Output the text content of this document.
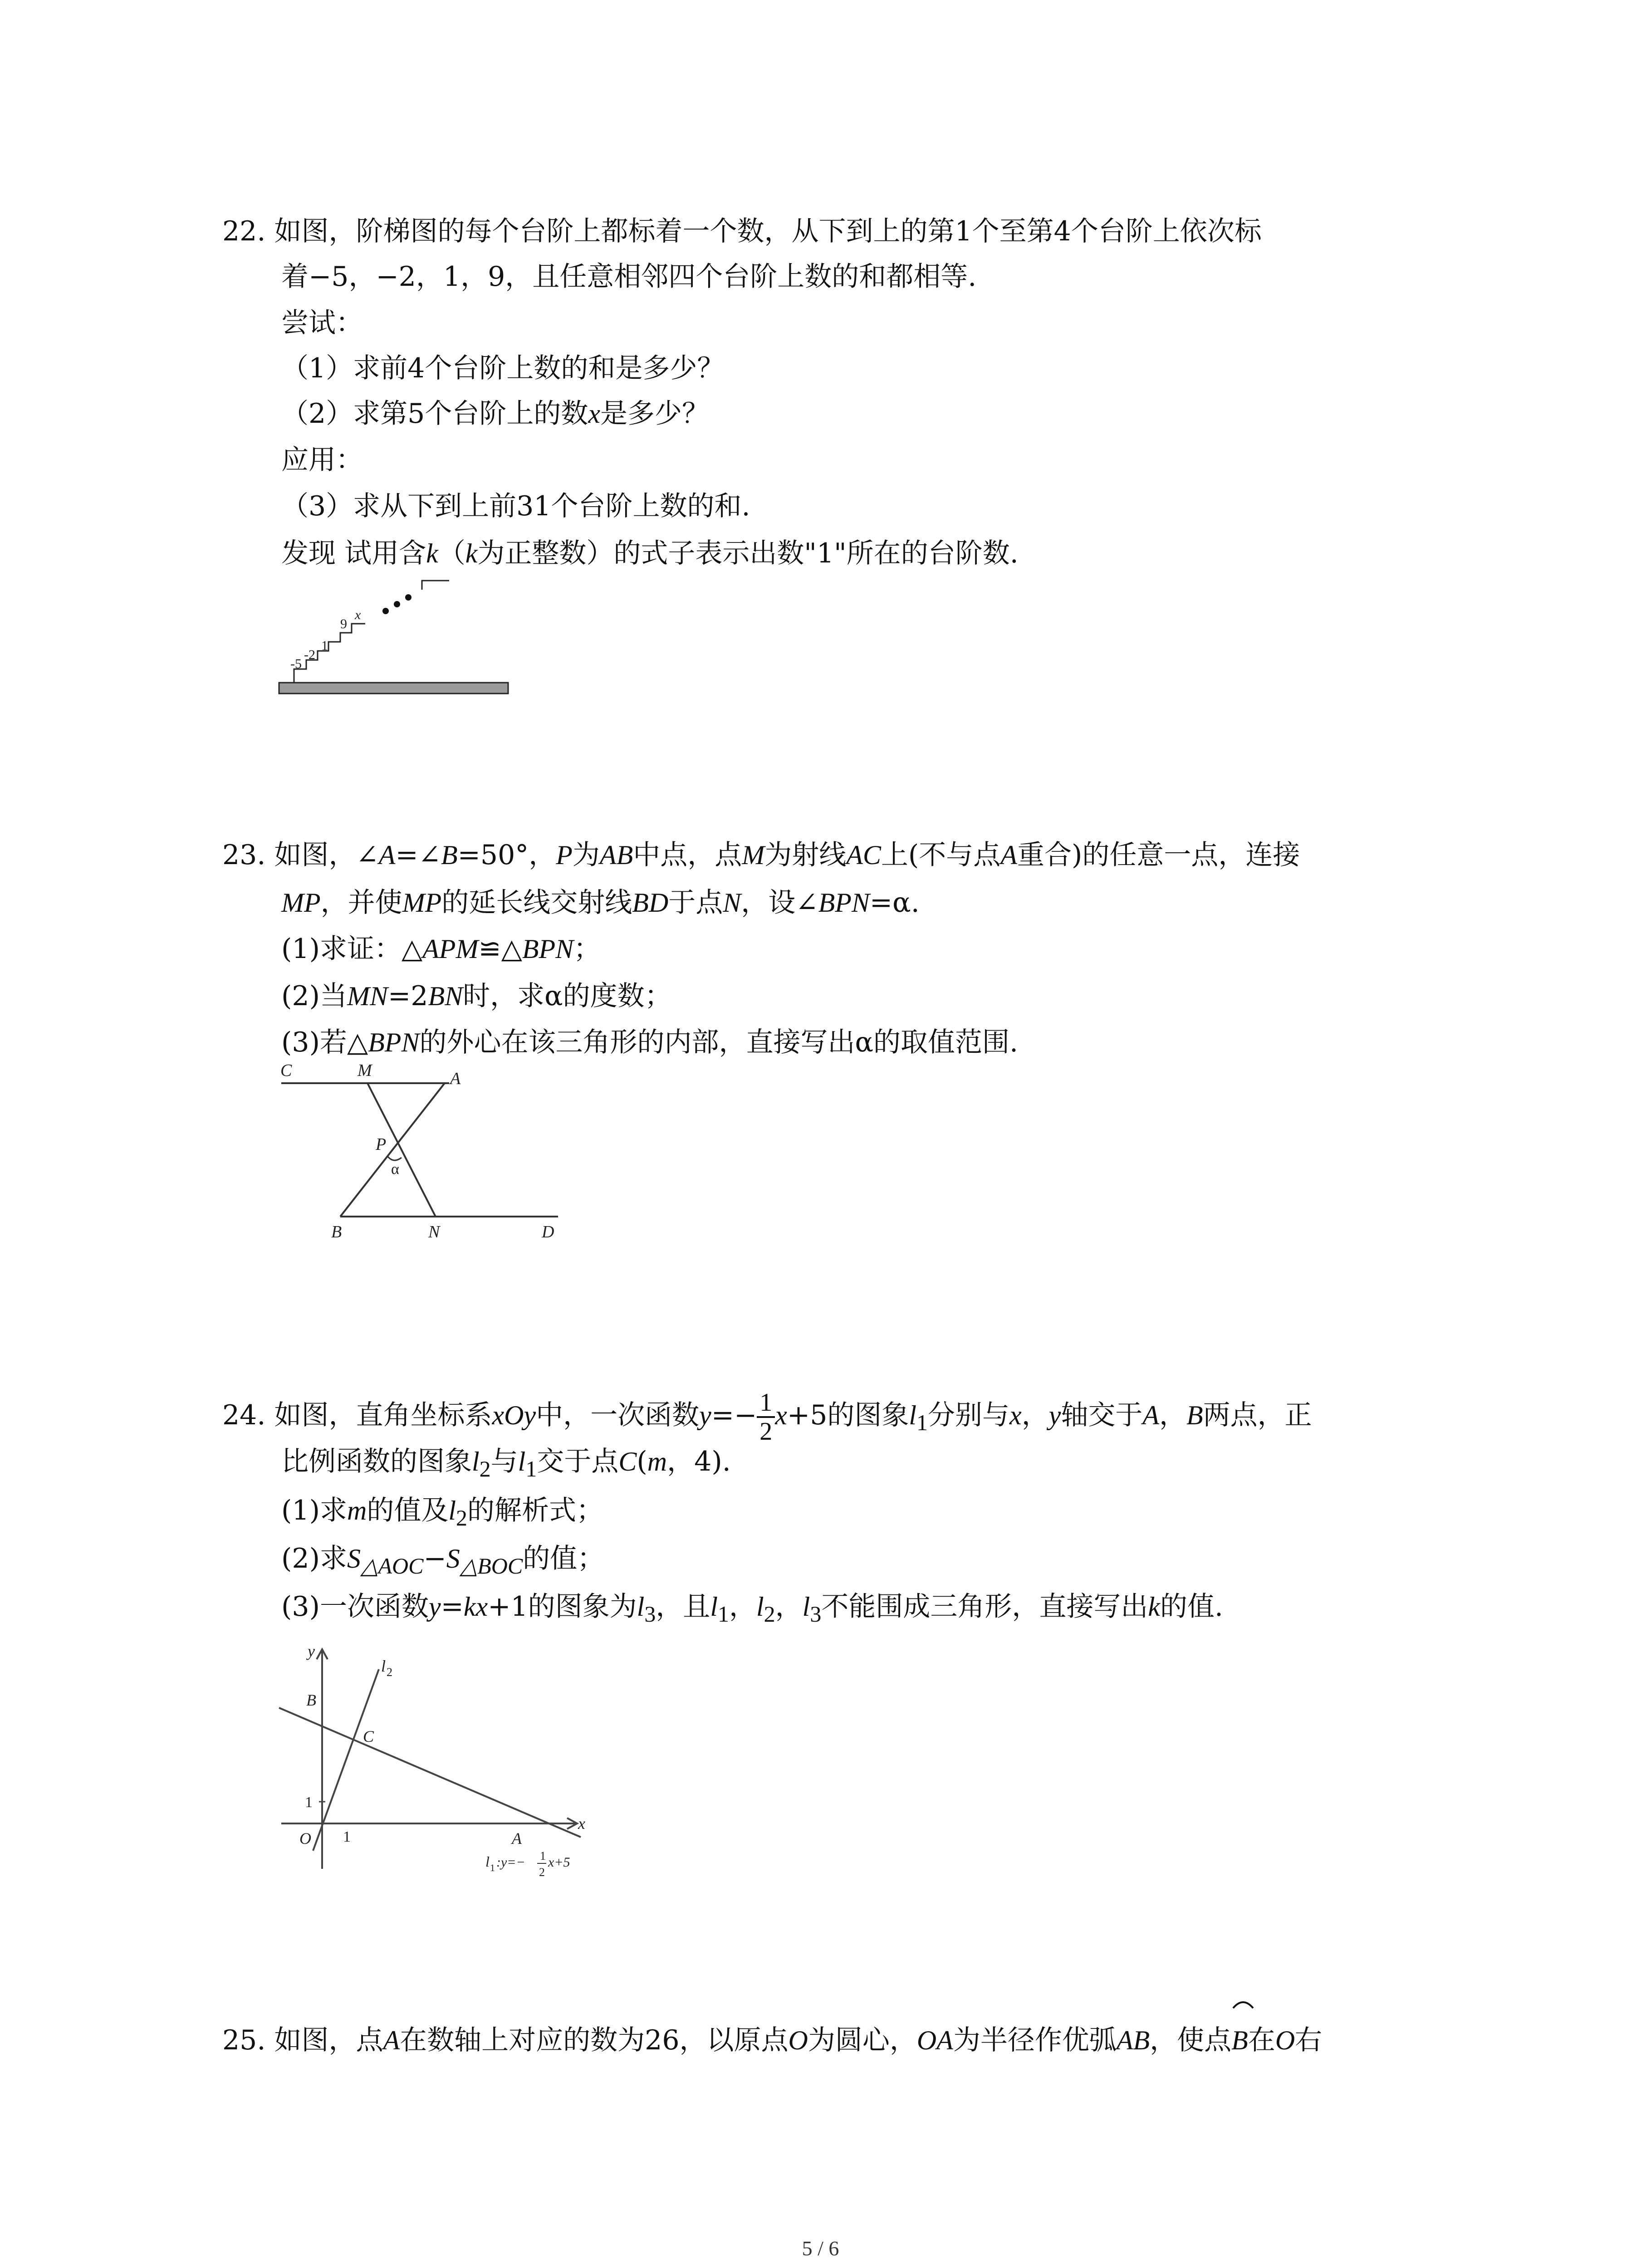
22. 如图，阶梯图的每个台阶上都标着一个数，从下到上的第1个至第4个台阶上依次标
着−5，−2，1，9，且任意相邻四个台阶上数的和都相等.
尝试：
（1）求前4个台阶上数的和是多少？
（2）求第5个台阶上的数x是多少？
应用：
（3）求从下到上前31个台阶上数的和.
发现 试用含k（k为正整数）的式子表示出数"1"所在的台阶数.
-5
-2
1
9
x
23. 如图，∠A=∠B=50°，P为AB中点，点M为射线AC上(不与点A重合)的任意一点，连接
MP，并使MP的延长线交射线BD于点N，设∠BPN=α.
(1)求证：△APM≌△BPN；
(2)当MN=2BN时，求α的度数；
(3)若△BPN的外心在该三角形的内部，直接写出α的取值范围.
C	M	A
P
α
B	N	D
24. 如图，直角坐标系xOy中，一次函数$y=- \frac{1}{2} x+5$的图象$l_1$分别与x，y轴交于A，B两点，正
比例函数的图象$l_2$与$l_1$交于点C(m，4).
(1)求m的值及$l_2$的解析式；
(2)求$S_{\triangle AOC}-S_{\triangle BOC}$的值；
(3)一次函数y=kx+1的图象为$l_3$，且$l_1$，$l_2$，$l_3$不能围成三角形，直接写出k的值.
y
l 2
B
C
1
O 1	A
x
l 1 :y=− 1
2
x+5
25. 如图，点A在数轴上对应的数为26，以原点O为圆心，OA为半径作优弧AB，使点B在O右
5 / 6
